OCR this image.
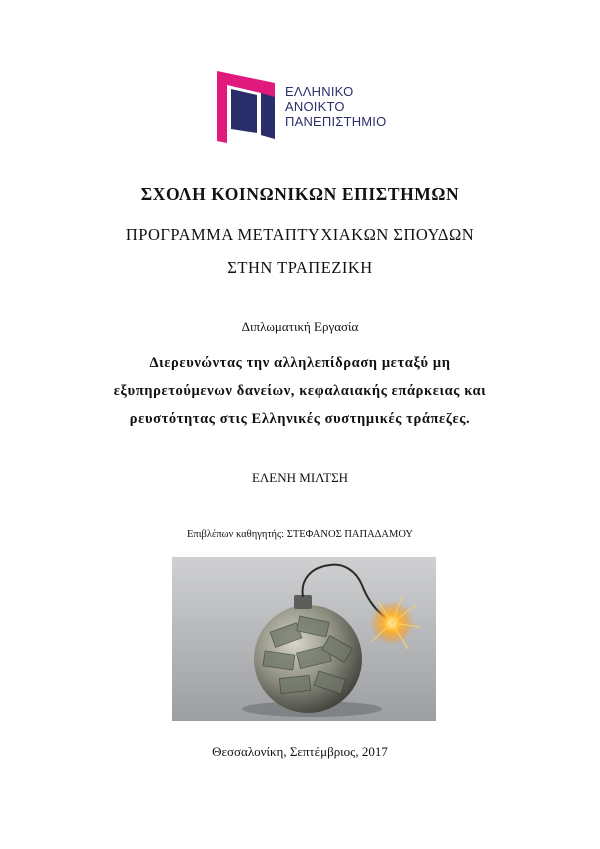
ΕΛΛΗΝΙΚΟ
ΑΝΟΙΚΤΟ
ΠΑΝΕΠΙΣΤΗΜΙΟ
ΣΧΟΛΗ ΚΟΙΝΩΝΙΚΩΝ ΕΠΙΣΤΗΜΩΝ
ΠΡΟΓΡΑΜΜΑ ΜΕΤΑΠΤΥΧΙΑΚΩΝ ΣΠΟΥΔΩΝ
ΣΤΗΝ ΤΡΑΠΕΖΙΚΗ
Διπλωματική Εργασία
Διερευνώντας την αλληλεπίδραση μεταξύ μη
εξυπηρετούμενων δανείων, κεφαλαιακής επάρκειας και
ρευστότητας στις Ελληνικές συστημικές τράπεζες.
ΕΛΕΝΗ ΜΙΛΤΣΗ
Επιβλέπων καθηγητής: ΣΤΕΦΑΝΟΣ ΠΑΠΑΔΑΜΟΥ
Θεσσαλονίκη, Σεπτέμβριος, 2017
